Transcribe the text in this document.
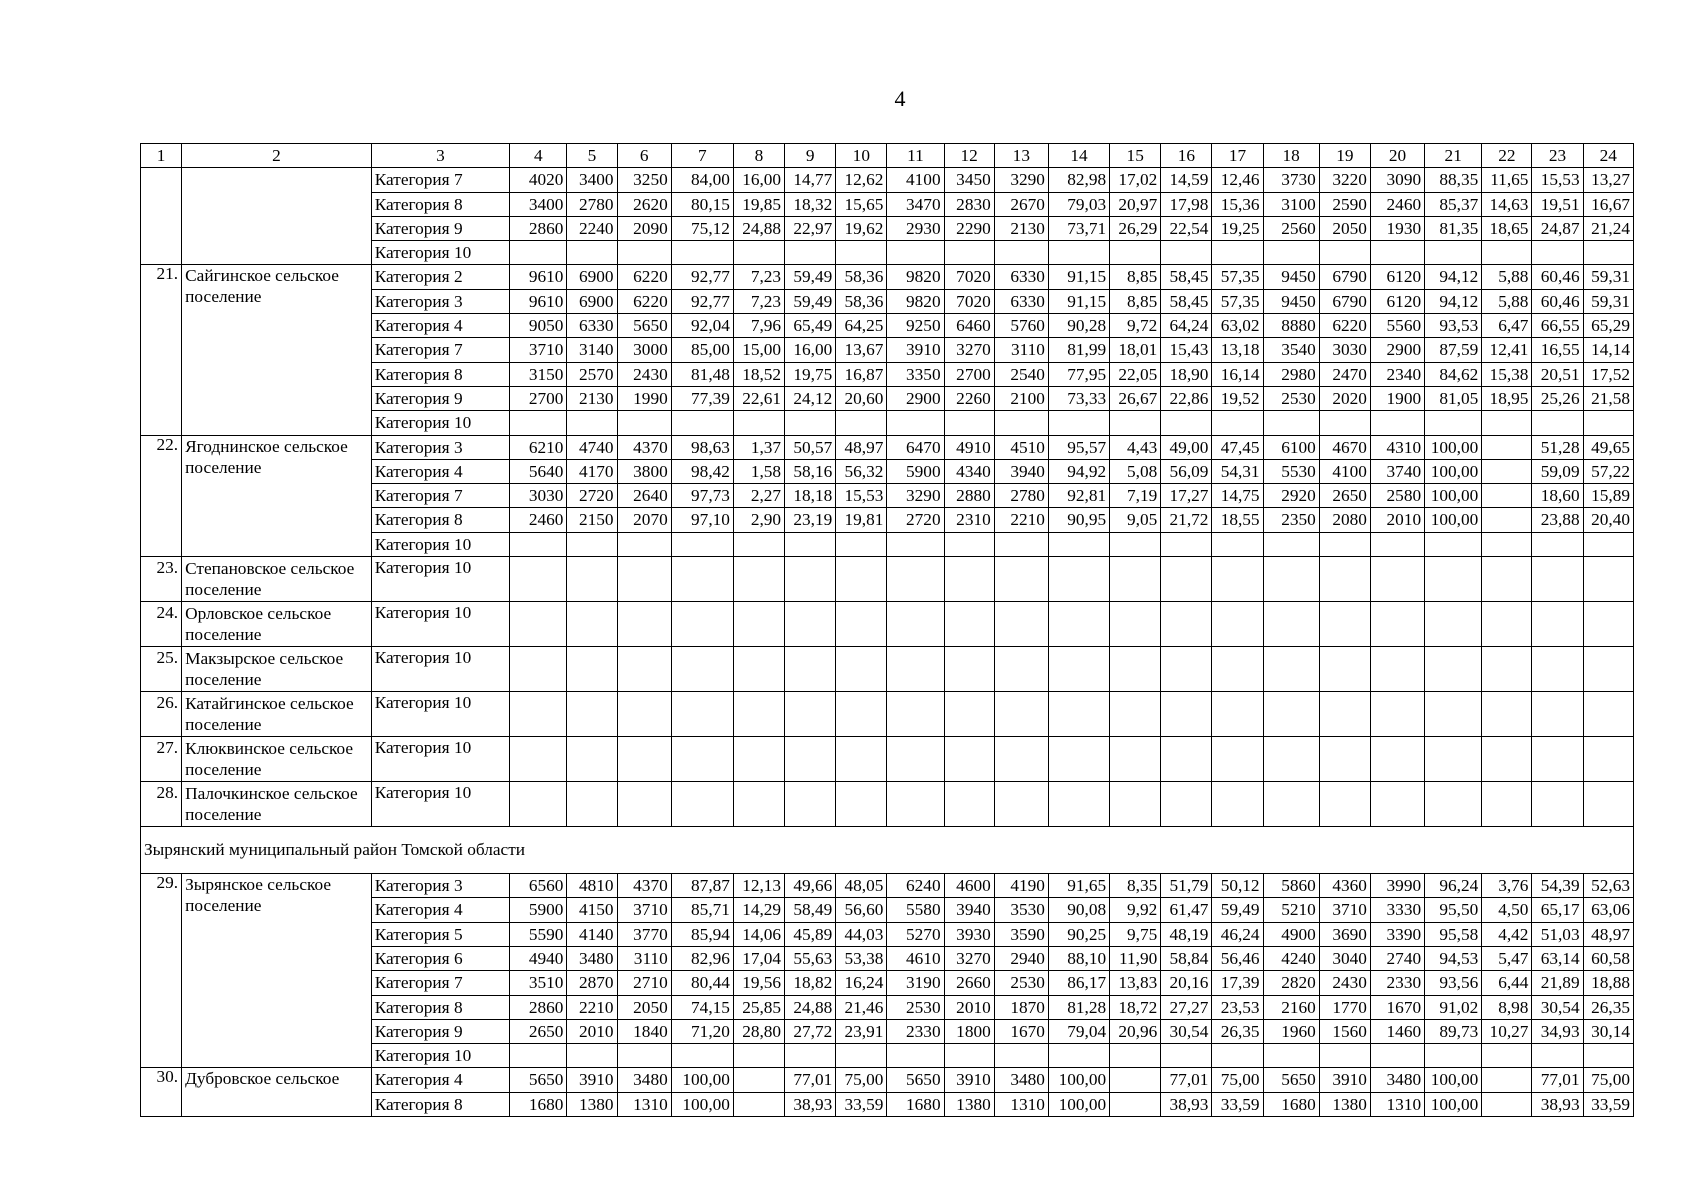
4
1	2	3	4	5	6	7	8	9	10	11	12	13	14	15	16	17	18	19	20	21	22	23	24
		Категория 7	4020	3400	3250	84,00	16,00	14,77	12,62	4100	3450	3290	82,98	17,02	14,59	12,46	3730	3220	3090	88,35	11,65	15,53	13,27
		Категория 8	3400	2780	2620	80,15	19,85	18,32	15,65	3470	2830	2670	79,03	20,97	17,98	15,36	3100	2590	2460	85,37	14,63	19,51	16,67
		Категория 9	2860	2240	2090	75,12	24,88	22,97	19,62	2930	2290	2130	73,71	26,29	22,54	19,25	2560	2050	1930	81,35	18,65	24,87	21,24
		Категория 10																					
21.	Сайгинское сельское поселение	Категория 2	9610	6900	6220	92,77	7,23	59,49	58,36	9820	7020	6330	91,15	8,85	58,45	57,35	9450	6790	6120	94,12	5,88	60,46	59,31
		Категория 3	9610	6900	6220	92,77	7,23	59,49	58,36	9820	7020	6330	91,15	8,85	58,45	57,35	9450	6790	6120	94,12	5,88	60,46	59,31
		Категория 4	9050	6330	5650	92,04	7,96	65,49	64,25	9250	6460	5760	90,28	9,72	64,24	63,02	8880	6220	5560	93,53	6,47	66,55	65,29
		Категория 7	3710	3140	3000	85,00	15,00	16,00	13,67	3910	3270	3110	81,99	18,01	15,43	13,18	3540	3030	2900	87,59	12,41	16,55	14,14
		Категория 8	3150	2570	2430	81,48	18,52	19,75	16,87	3350	2700	2540	77,95	22,05	18,90	16,14	2980	2470	2340	84,62	15,38	20,51	17,52
		Категория 9	2700	2130	1990	77,39	22,61	24,12	20,60	2900	2260	2100	73,33	26,67	22,86	19,52	2530	2020	1900	81,05	18,95	25,26	21,58
		Категория 10																					
22.	Ягоднинское сельское поселение	Категория 3	6210	4740	4370	98,63	1,37	50,57	48,97	6470	4910	4510	95,57	4,43	49,00	47,45	6100	4670	4310	100,00		51,28	49,65
		Категория 4	5640	4170	3800	98,42	1,58	58,16	56,32	5900	4340	3940	94,92	5,08	56,09	54,31	5530	4100	3740	100,00		59,09	57,22
		Категория 7	3030	2720	2640	97,73	2,27	18,18	15,53	3290	2880	2780	92,81	7,19	17,27	14,75	2920	2650	2580	100,00		18,60	15,89
		Категория 8	2460	2150	2070	97,10	2,90	23,19	19,81	2720	2310	2210	90,95	9,05	21,72	18,55	2350	2080	2010	100,00		23,88	20,40
		Категория 10																					
23.	Степановское сельское поселение	Категория 10																					
24.	Орловское сельское поселение	Категория 10																					
25.	Макзырское сельское поселение	Категория 10																					
26.	Катайгинское сельское поселение	Категория 10																					
27.	Клюквинское сельское поселение	Категория 10																					
28.	Палочкинское сельское поселение	Категория 10																					
Зырянский муниципальный район Томской области																							
29.	Зырянское сельское поселение	Категория 3	6560	4810	4370	87,87	12,13	49,66	48,05	6240	4600	4190	91,65	8,35	51,79	50,12	5860	4360	3990	96,24	3,76	54,39	52,63
		Категория 4	5900	4150	3710	85,71	14,29	58,49	56,60	5580	3940	3530	90,08	9,92	61,47	59,49	5210	3710	3330	95,50	4,50	65,17	63,06
		Категория 5	5590	4140	3770	85,94	14,06	45,89	44,03	5270	3930	3590	90,25	9,75	48,19	46,24	4900	3690	3390	95,58	4,42	51,03	48,97
		Категория 6	4940	3480	3110	82,96	17,04	55,63	53,38	4610	3270	2940	88,10	11,90	58,84	56,46	4240	3040	2740	94,53	5,47	63,14	60,58
		Категория 7	3510	2870	2710	80,44	19,56	18,82	16,24	3190	2660	2530	86,17	13,83	20,16	17,39	2820	2430	2330	93,56	6,44	21,89	18,88
		Категория 8	2860	2210	2050	74,15	25,85	24,88	21,46	2530	2010	1870	81,28	18,72	27,27	23,53	2160	1770	1670	91,02	8,98	30,54	26,35
		Категория 9	2650	2010	1840	71,20	28,80	27,72	23,91	2330	1800	1670	79,04	20,96	30,54	26,35	1960	1560	1460	89,73	10,27	34,93	30,14
		Категория 10																					
30.	Дубровское сельское	Категория 4	5650	3910	3480	100,00		77,01	75,00	5650	3910	3480	100,00		77,01	75,00	5650	3910	3480	100,00		77,01	75,00
		Категория 8	1680	1380	1310	100,00		38,93	33,59	1680	1380	1310	100,00		38,93	33,59	1680	1380	1310	100,00		38,93	33,59
